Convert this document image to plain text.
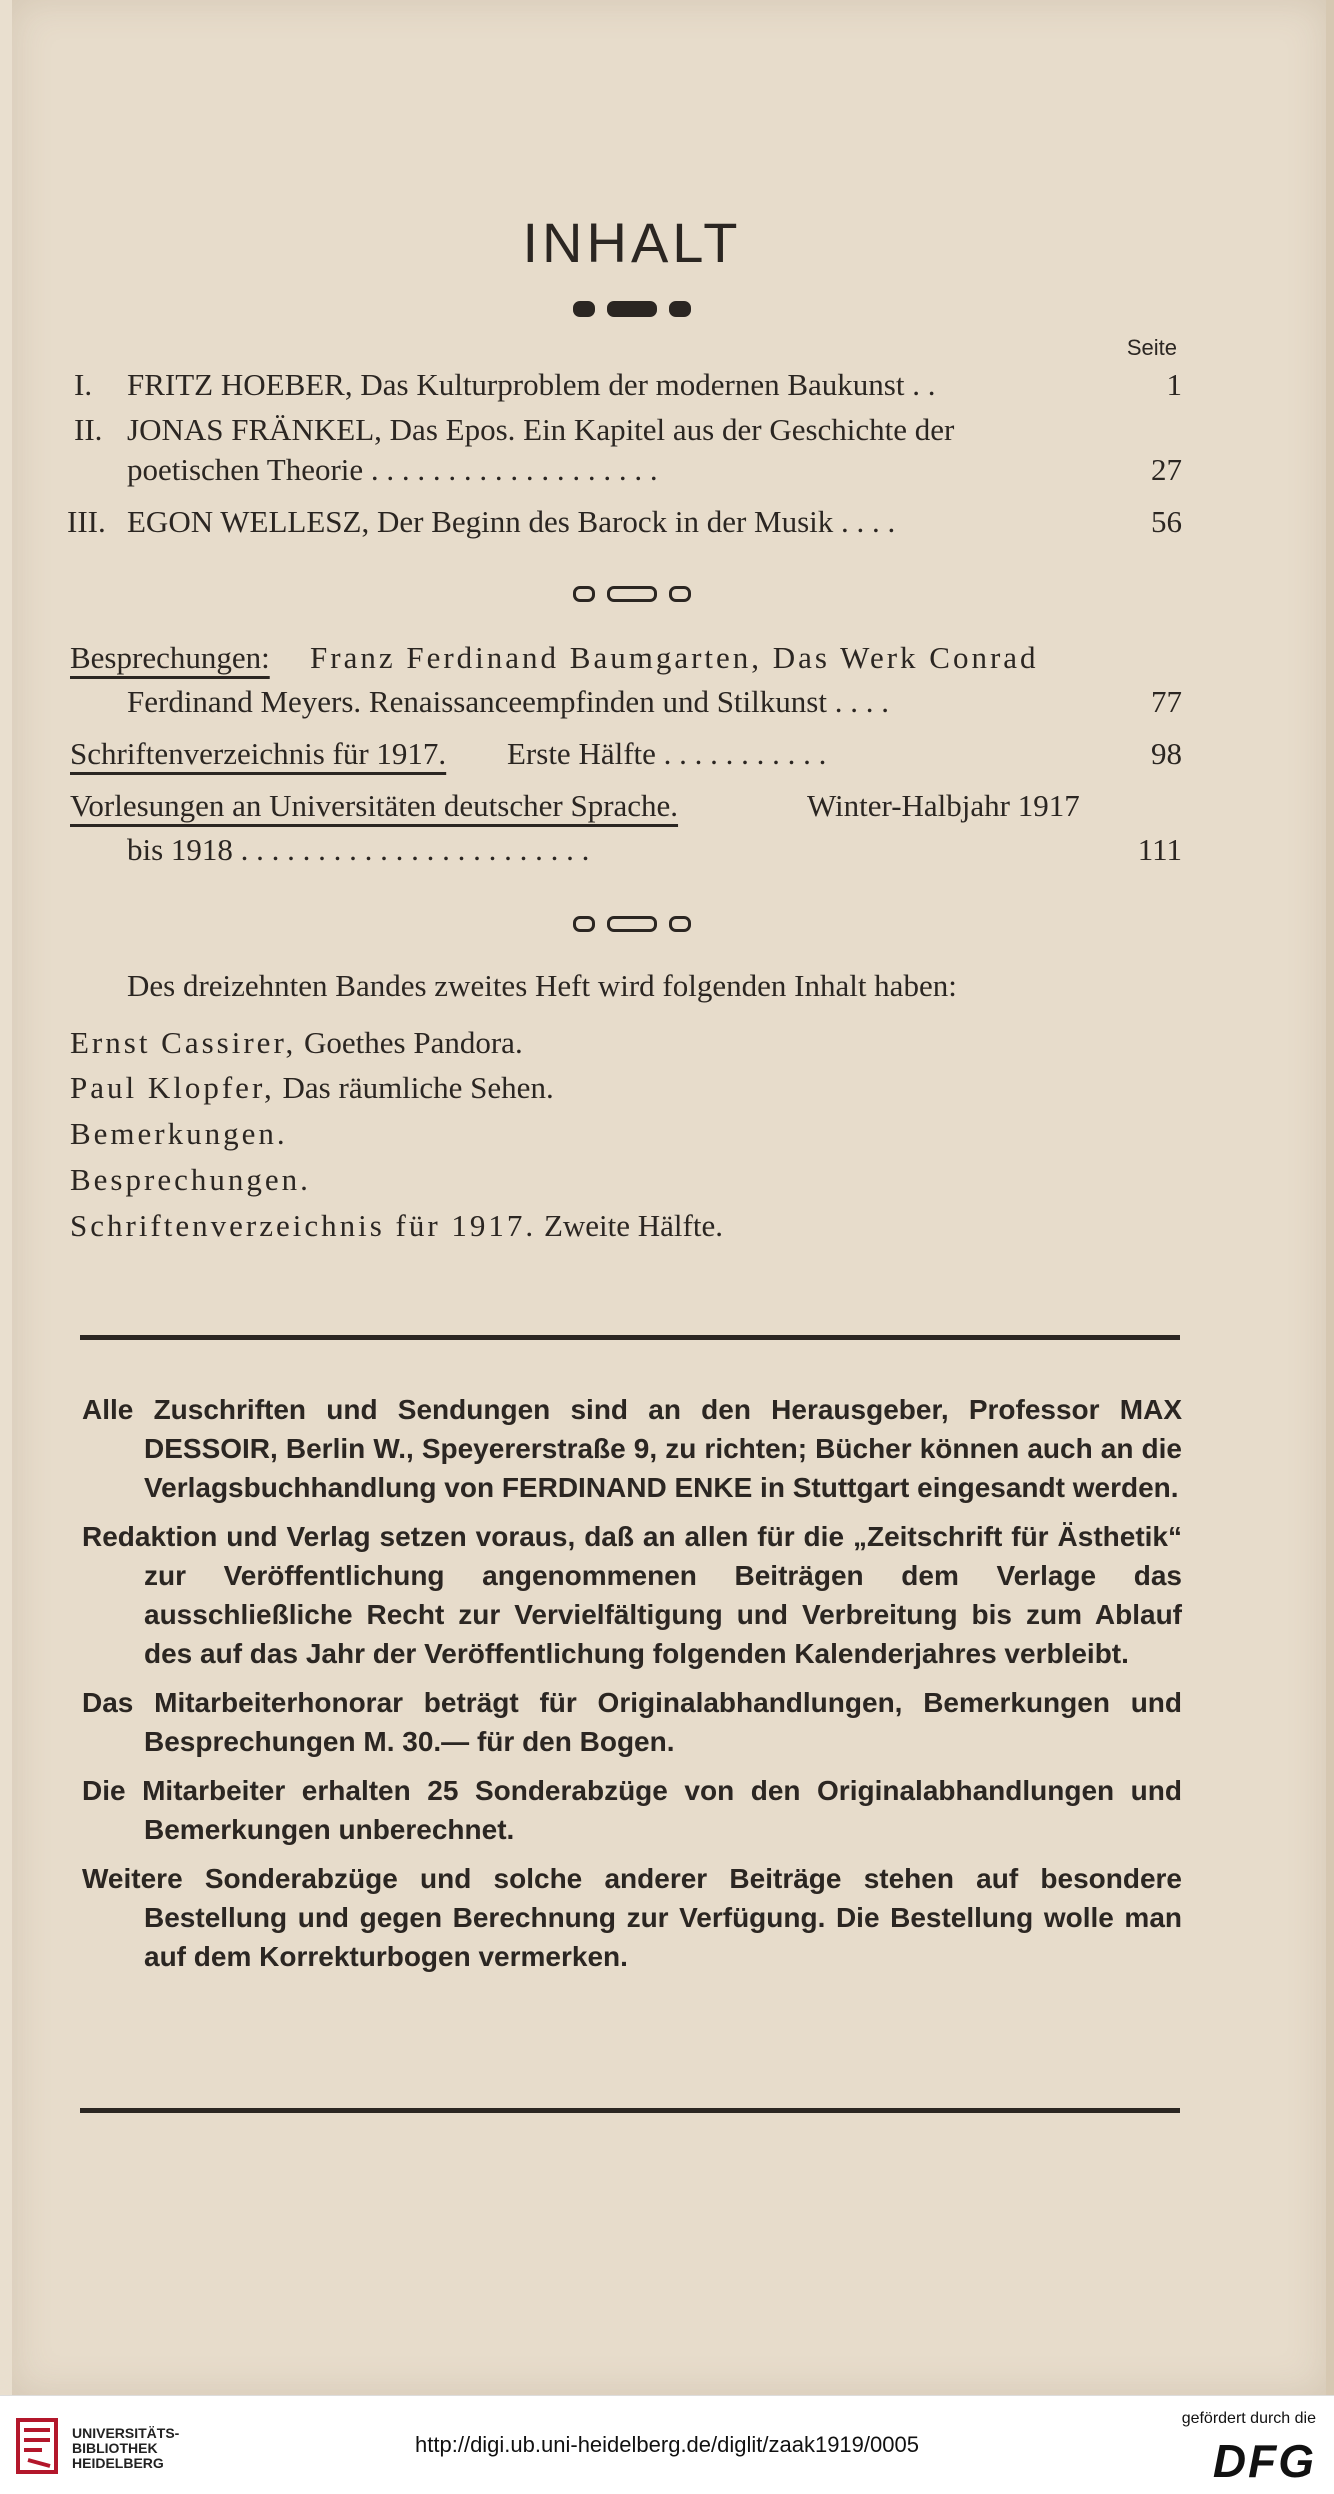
INHALT
Seite
I. FRITZ HOEBER, Das Kulturproblem der modernen Baukunst . .	1
II. JONAS FRÄNKEL, Das Epos. Ein Kapitel aus der Geschichte der
poetischen Theorie . . . . . . . . . . . . . . . . . . .	27
III. EGON WELLESZ, Der Beginn des Barock in der Musik . . . .	56
Besprechungen: Franz Ferdinand Baumgarten, Das Werk Conrad
Ferdinand Meyers. Renaissanceempfinden und Stilkunst . . . .	77
Schriftenverzeichnis für 1917. Erste Hälfte . . . . . . . . . . .	98
Vorlesungen an Universitäten deutscher Sprache.	Winter-Halbjahr 1917
bis 1918 . . . . . . . . . . . . . . . . . . . . . . .	111
Des dreizehnten Bandes zweites Heft wird folgenden Inhalt haben:
Ernst Cassirer, Goethes Pandora.
Paul Klopfer, Das räumliche Sehen.
Bemerkungen.
Besprechungen.
Schriftenverzeichnis für 1917. Zweite Hälfte.

Alle Zuschriften und Sendungen sind an den Herausgeber, Professor MAX DESSOIR, Berlin W., Speyererstraße 9, zu richten; Bücher können auch an die Verlagsbuchhandlung von FERDINAND ENKE in Stuttgart eingesandt werden.

Redaktion und Verlag setzen voraus, daß an allen für die „Zeitschrift für Ästhetik“ zur Veröffentlichung angenommenen Beiträgen dem Verlage das ausschließliche Recht zur Vervielfältigung und Verbreitung bis zum Ablauf des auf das Jahr der Veröffentlichung folgenden Kalenderjahres verbleibt.

Das Mitarbeiterhonorar beträgt für Originalabhandlungen, Bemerkungen und Besprechungen M. 30.— für den Bogen.

Die Mitarbeiter erhalten 25 Sonderabzüge von den Originalabhandlungen und Bemerkungen unberechnet.

Weitere Sonderabzüge und solche anderer Beiträge stehen auf besondere Bestellung und gegen Berechnung zur Verfügung. Die Bestellung wolle man auf dem Korrekturbogen vermerken.

UNIVERSITÄTS-
BIBLIOTHEK
HEIDELBERG
http://digi.ub.uni-heidelberg.de/diglit/zaak1919/0005
gefördert durch die
DFG
